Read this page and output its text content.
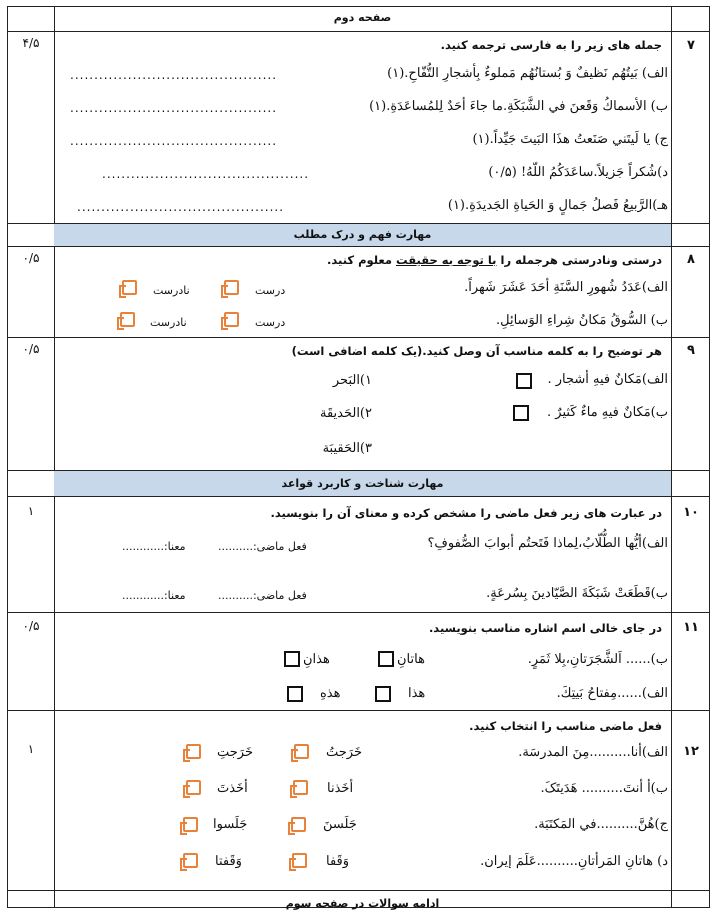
صفحه دوم
۷
۴/۵	جمله های زیر را به فارسی ترجمه کنید.
الف) بَيتُهُم نَظيفٌ وَ بُستانُهُم مَملوءٌ بِأشجارِ التُّفّاحِ.(۱)
...........................................
ب) الأسماكُ وَقَعنَ في الشَّبَكَةِ.ما جاءَ أحَدٌ لِلمُساعَدَةِ.(۱)
...........................................
ج) يا لَيتَني صَنَعتُ هذَا البَيتَ جَيِّداً.(۱)
...........................................
د)شُكراً جَزيلاً.ساعَدَكُمُ اللّهُ! (۰/۵)
...........................................
هـ)الرَّبيعُ فَصلُ جَمالٍ وَ الحَياةِ الجَديدَةِ.(۱)
...........................................
مهارت فهم و درک مطلب
۸
۰/۵	درستی ونادرستی هرجمله را با توجه به حقیقت معلوم کنید.
الف)عَدَدُ شُهورِ السَّنَةِ أحَدَ عَشَرَ شَهراً.
درست
نادرست
ب) السُّوقُ مَكانُ شِراءِ الوَسائِلِ.
درست
نادرست
۹
۰/۵	هر توضیح را به کلمه مناسب آن وصل کنید.(یک کلمه اضافی است)
الف)مَكانٌ فيهِ أشجار .
۱)البَحر
ب)مَكانٌ فيهِ ماءٌ كَثيرٌ .
۲)الحَديقَة
۳)الحَقيبَة
مهارت شناخت و کاربرد قواعد
۱۰
۱	در عبارت های زیر فعل ماضی را مشخص کرده و معنای آن را بنویسید.
الف)أيُّها الطُّلّابُ،لِماذا فَتَحتُم أبوابَ الصُّفوفِ؟
فعل ماضی:..........
معنا:............
ب)قَطَعَتْ شَبَكَةَ الصَّيّادينَ بِسُرعَةٍ.
فعل ماضی:..........
معنا:............
۱۱
۰/۵	در جای خالی اسم اشاره مناسب بنویسید.
ب)...... اَلشَّجَرَتانِ،بِلا ثَمَرٍ.
هاتانِ
هذانِ
الف)......مِفتاحُ بَيتِكَ.
هذا
هذهِ
فعل ماضی مناسب را انتخاب کنید.
۱۲
۱	الف)أنا..........مِنَ المدرسَة.
خَرَجتُ
خَرَجتِ
ب)أ أنتَ.......... هَدَيتَکَ.
أخَذنا
أخَذتَ
ج)هُنَّ..........في المَكتَبَة.
جَلَسنَ
جَلَسوا
د) هاتانِ المَرأتانِ..........عَلَمَ إيران.
وَقَفا
وَقَفتا
ادامه سوالات در صفحه سوم
